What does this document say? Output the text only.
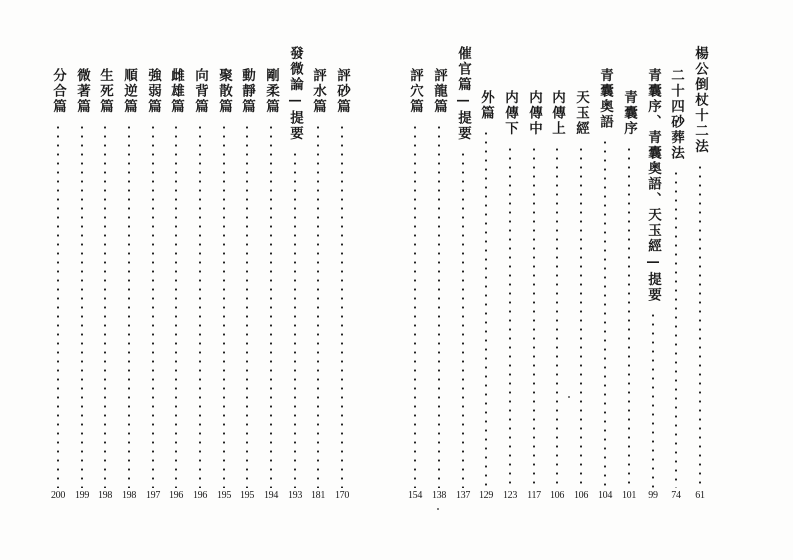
楊公倒杖十二法
61
二十四砂葬法
74
青囊序、青囊奥語、天玉經—提要
99
青囊序
101
青囊奥語
104
天玉經
106
内傳上
106
内傳中
117
内傳下
123
外篇
129
催官篇—提要
137
評龍篇
138
評穴篇
154
評砂篇
170
評水篇
181
發微論—提要
193
剛柔篇
194
動靜篇
195
聚散篇
195
向背篇
196
雌雄篇
196
強弱篇
197
順逆篇
198
生死篇
198
微著篇
199
分合篇
200
